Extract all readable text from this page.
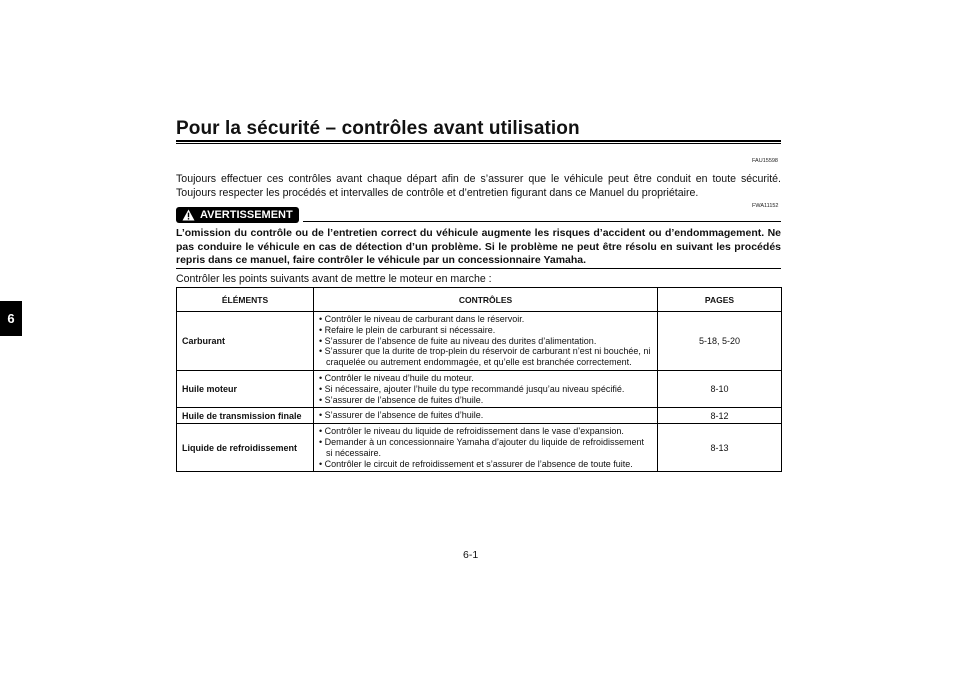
6
Pour la sécurité – contrôles avant utilisation
FAU15598
Toujours effectuer ces contrôles avant chaque départ afin de s’assurer que le véhicule peut être conduit en toute sécurité. Toujours respecter les procédés et intervalles de contrôle et d’entretien figurant dans ce Manuel du propriétaire.
AVERTISSEMENT
FWA11152
L’omission du contrôle ou de l’entretien correct du véhicule augmente les risques d’accident ou d’endommagement. Ne pas conduire le véhicule en cas de détection d’un problème. Si le problème ne peut être résolu en suivant les procédés repris dans ce manuel, faire contrôler le véhicule par un concessionnaire Yamaha.
Contrôler les points suivants avant de mettre le moteur en marche :
ÉLÉMENTS	CONTRÔLES	PAGES
Carburant	• Contrôler le niveau de carburant dans le réservoir.
• Refaire le plein de carburant si nécessaire.
• S’assurer de l’absence de fuite au niveau des durites d’alimentation.
• S’assurer que la durite de trop-plein du réservoir de carburant n’est ni bouchée, ni craquelée ou autrement endommagée, et qu’elle est branchée correctement.	5-18, 5-20
Huile moteur	• Contrôler le niveau d’huile du moteur.
• Si nécessaire, ajouter l’huile du type recommandé jusqu’au niveau spécifié.
• S’assurer de l’absence de fuites d’huile.	8-10
Huile de transmission finale	• S’assurer de l’absence de fuites d’huile.	8-12
Liquide de refroidissement	• Contrôler le niveau du liquide de refroidissement dans le vase d’expansion.
• Demander à un concessionnaire Yamaha d’ajouter du liquide de refroidissement si nécessaire.
• Contrôler le circuit de refroidissement et s’assurer de l’absence de toute fuite.	8-13
6-1
